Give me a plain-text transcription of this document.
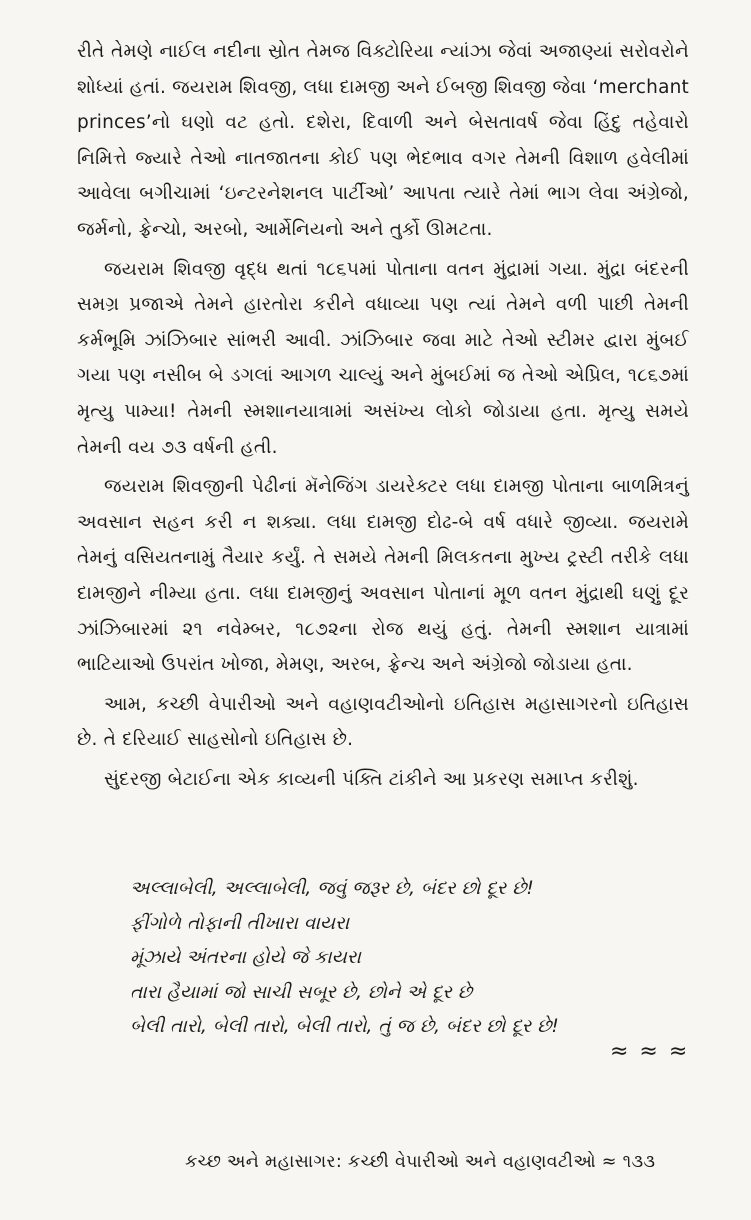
રીતે તેમણે નાઈલ નદીના સ્રોત તેમજ વિક્ટોરિયા ન્યાંઝા જેવાં અજાણ્યાં સરોવરોને શોધ્યાં હતાં. જયરામ શિવજી, લધા દામજી અને ઈબજી શિવજી જેવા ‘merchant princes’નો ઘણો વટ હતો. દશેરા, દિવાળી અને બેસતાવર્ષ જેવા હિંદુ તહેવારો નિમિત્તે જ્યારે તેઓ નાતજાતના કોઈ પણ ભેદભાવ વગર તેમની વિશાળ હવેલીમાં આવેલા બગીચામાં ‘ઇન્ટરનેશનલ પાર્ટીઓ’ આપતા ત્યારે તેમાં ભાગ લેવા અંગ્રેજો, જર્મનો, ફ્રેન્ચો, અરબો, આર્મેનિયનો અને તુર્કો ઊમટતા.

જયરામ શિવજી વૃદ્ધ થતાં ૧૮૬૫માં પોતાના વતન મુંદ્રામાં ગયા. મુંદ્રા બંદરની સમગ્ર પ્રજાએ તેમને હારતોરા કરીને વધાવ્યા પણ ત્યાં તેમને વળી પાછી તેમની કર્મભૂમિ ઝાંઝિબાર સાંભરી આવી. ઝાંઝિબાર જવા માટે તેઓ સ્ટીમર દ્વારા મુંબઈ ગયા પણ નસીબ બે ડગલાં આગળ ચાલ્યું અને મુંબઈમાં જ તેઓ એપ્રિલ, ૧૮૬૭માં મૃત્યુ પામ્યા! તેમની સ્મશાનયાત્રામાં અસંખ્ય લોકો જોડાયા હતા. મૃત્યુ સમયે તેમની વય ૭૩ વર્ષની હતી.

જયરામ શિવજીની પેઢીનાં મૅનેજિંગ ડાયરેક્ટર લધા દામજી પોતાના બાળમિત્રનું અવસાન સહન કરી ન શક્યા. લધા દામજી દોઢ-બે વર્ષ વધારે જીવ્યા. જયરામે તેમનું વસિયતનામું તૈયાર કર્યું. તે સમયે તેમની મિલકતના મુખ્ય ટ્રસ્ટી તરીકે લધા દામજીને નીમ્યા હતા. લધા દામજીનું અવસાન પોતાનાં મૂળ વતન મુંદ્રાથી ઘણું દૂર ઝાંઝિબારમાં ૨૧ નવેમ્બર, ૧૮૭૨ના રોજ થયું હતું. તેમની સ્મશાન યાત્રામાં ભાટિયાઓ ઉપરાંત ખોજા, મેમણ, અરબ, ફ્રેન્ચ અને અંગ્રેજો જોડાયા હતા.

આમ, કચ્છી વેપારીઓ અને વહાણવટીઓનો ઇતિહાસ મહાસાગરનો ઇતિહાસ છે. તે દરિયાઈ સાહસોનો ઇતિહાસ છે.

સુંદરજી બેટાઈના એક કાવ્યની પંક્તિ ટાંકીને આ પ્રકરણ સમાપ્ત કરીશું.

અલ્લાબેલી, અલ્લાબેલી, જવું જરૂર છે, બંદર છો દૂર છે!
ફીંગોળે તોફાની તીખારા વાયરા
મૂંઝાયે અંતરના હોયે જે કાયરા
તારા હૈયામાં જો સાચી સબૂર છે, છોને એ દૂર છે
બેલી તારો, બેલી તારો, બેલી તારો, તું જ છે, બંદર છો દૂર છે!
≈ ≈ ≈
કચ્છ અને મહાસાગર: કચ્છી વેપારીઓ અને વહાણવટીઓ ≈ ૧૩૩
